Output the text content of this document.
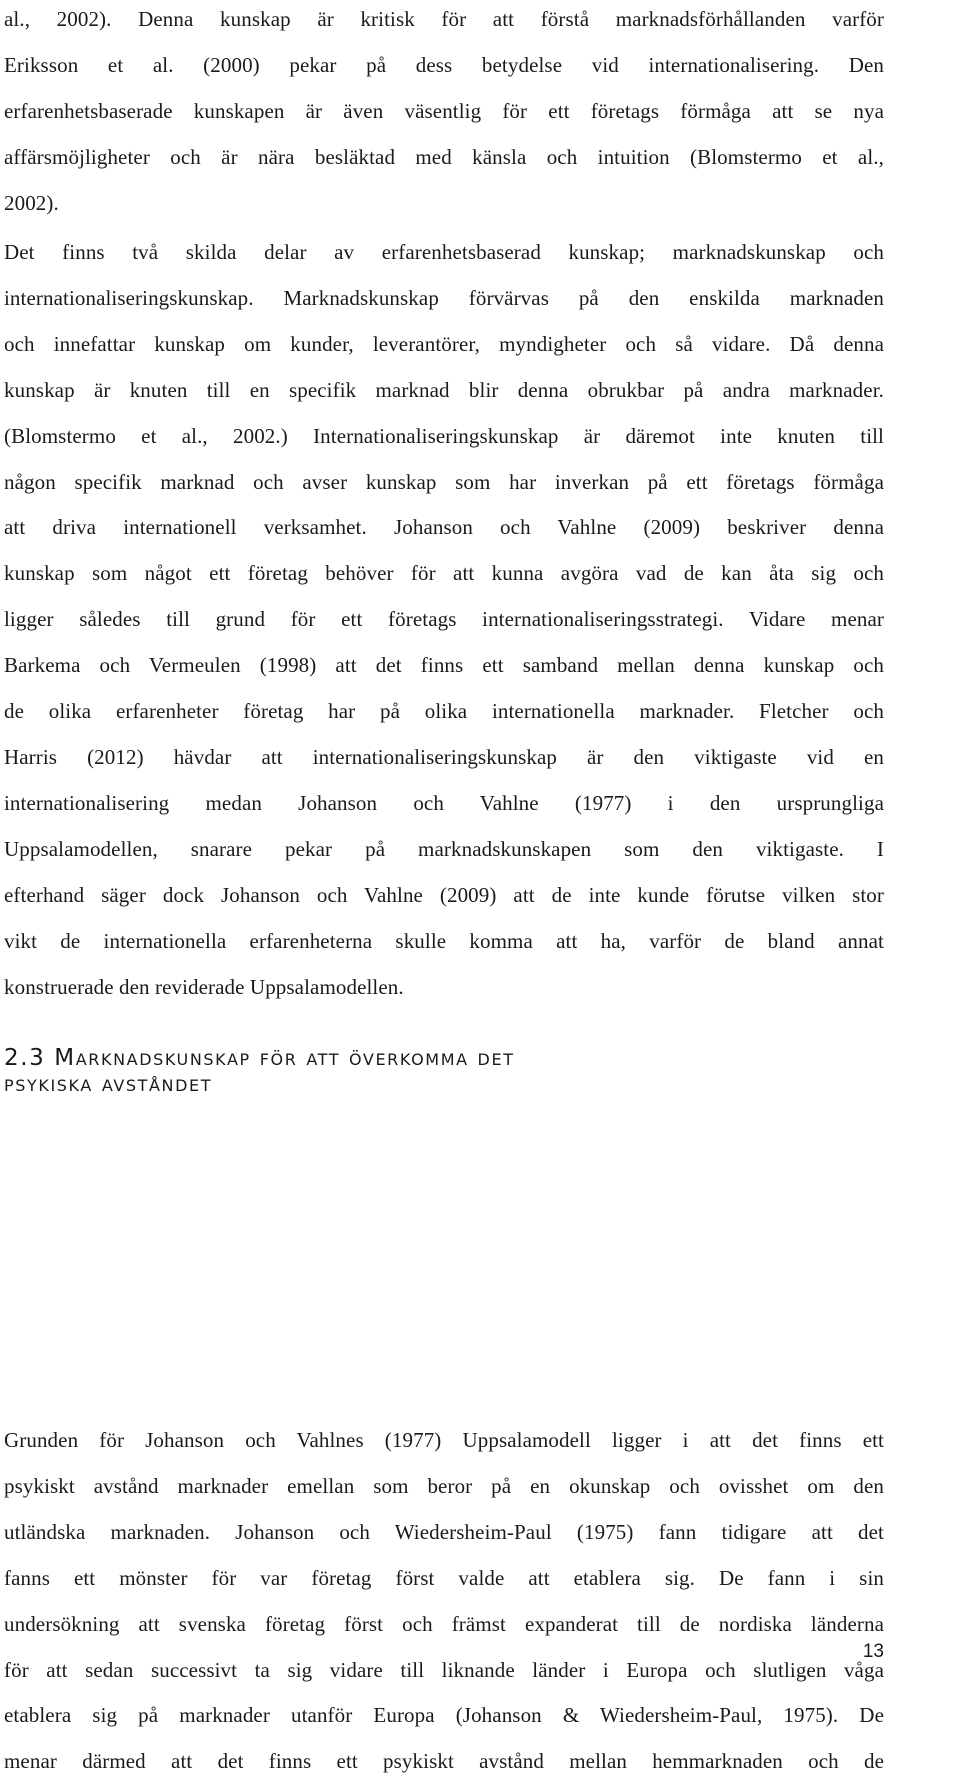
al., 2002). Denna kunskap är kritisk för att förstå marknadsförhållanden varför
Eriksson et al. (2000) pekar på dess betydelse vid internationalisering. Den
erfarenhetsbaserade kunskapen är även väsentlig för ett företags förmåga att se nya
affärsmöjligheter och är nära besläktad med känsla och intuition (Blomstermo et al.,
2002).
Det finns två skilda delar av erfarenhetsbaserad kunskap; marknadskunskap och
internationaliseringskunskap. Marknadskunskap förvärvas på den enskilda marknaden
och innefattar kunskap om kunder, leverantörer, myndigheter och så vidare. Då denna
kunskap är knuten till en specifik marknad blir denna obrukbar på andra marknader.
(Blomstermo et al., 2002.) Internationaliseringskunskap är däremot inte knuten till
någon specifik marknad och avser kunskap som har inverkan på ett företags förmåga
att driva internationell verksamhet. Johanson och Vahlne (2009) beskriver denna
kunskap som något ett företag behöver för att kunna avgöra vad de kan åta sig och
ligger således till grund för ett företags internationaliseringsstrategi. Vidare menar
Barkema och Vermeulen (1998) att det finns ett samband mellan denna kunskap och
de olika erfarenheter företag har på olika internationella marknader. Fletcher och
Harris (2012) hävdar att internationaliseringskunskap är den viktigaste vid en
internationalisering medan Johanson och Vahlne (1977) i den ursprungliga
Uppsalamodellen, snarare pekar på marknadskunskapen som den viktigaste. I
efterhand säger dock Johanson och Vahlne (2009) att de inte kunde förutse vilken stor
vikt de internationella erfarenheterna skulle komma att ha, varför de bland annat
konstruerade den reviderade Uppsalamodellen.
2.3 Marknadskunskap för att överkomma det
psykiska avståndet
Grunden för Johanson och Vahlnes (1977) Uppsalamodell ligger i att det finns ett
psykiskt avstånd marknader emellan som beror på en okunskap och ovisshet om den
utländska marknaden. Johanson och Wiedersheim-Paul (1975) fann tidigare att det
fanns ett mönster för var företag först valde att etablera sig. De fann i sin
undersökning att svenska företag först och främst expanderat till de nordiska länderna
för att sedan successivt ta sig vidare till liknande länder i Europa och slutligen våga
etablera sig på marknader utanför Europa (Johanson & Wiedersheim-Paul, 1975). De
menar därmed att det finns ett psykiskt avstånd mellan hemmarknaden och de
13
